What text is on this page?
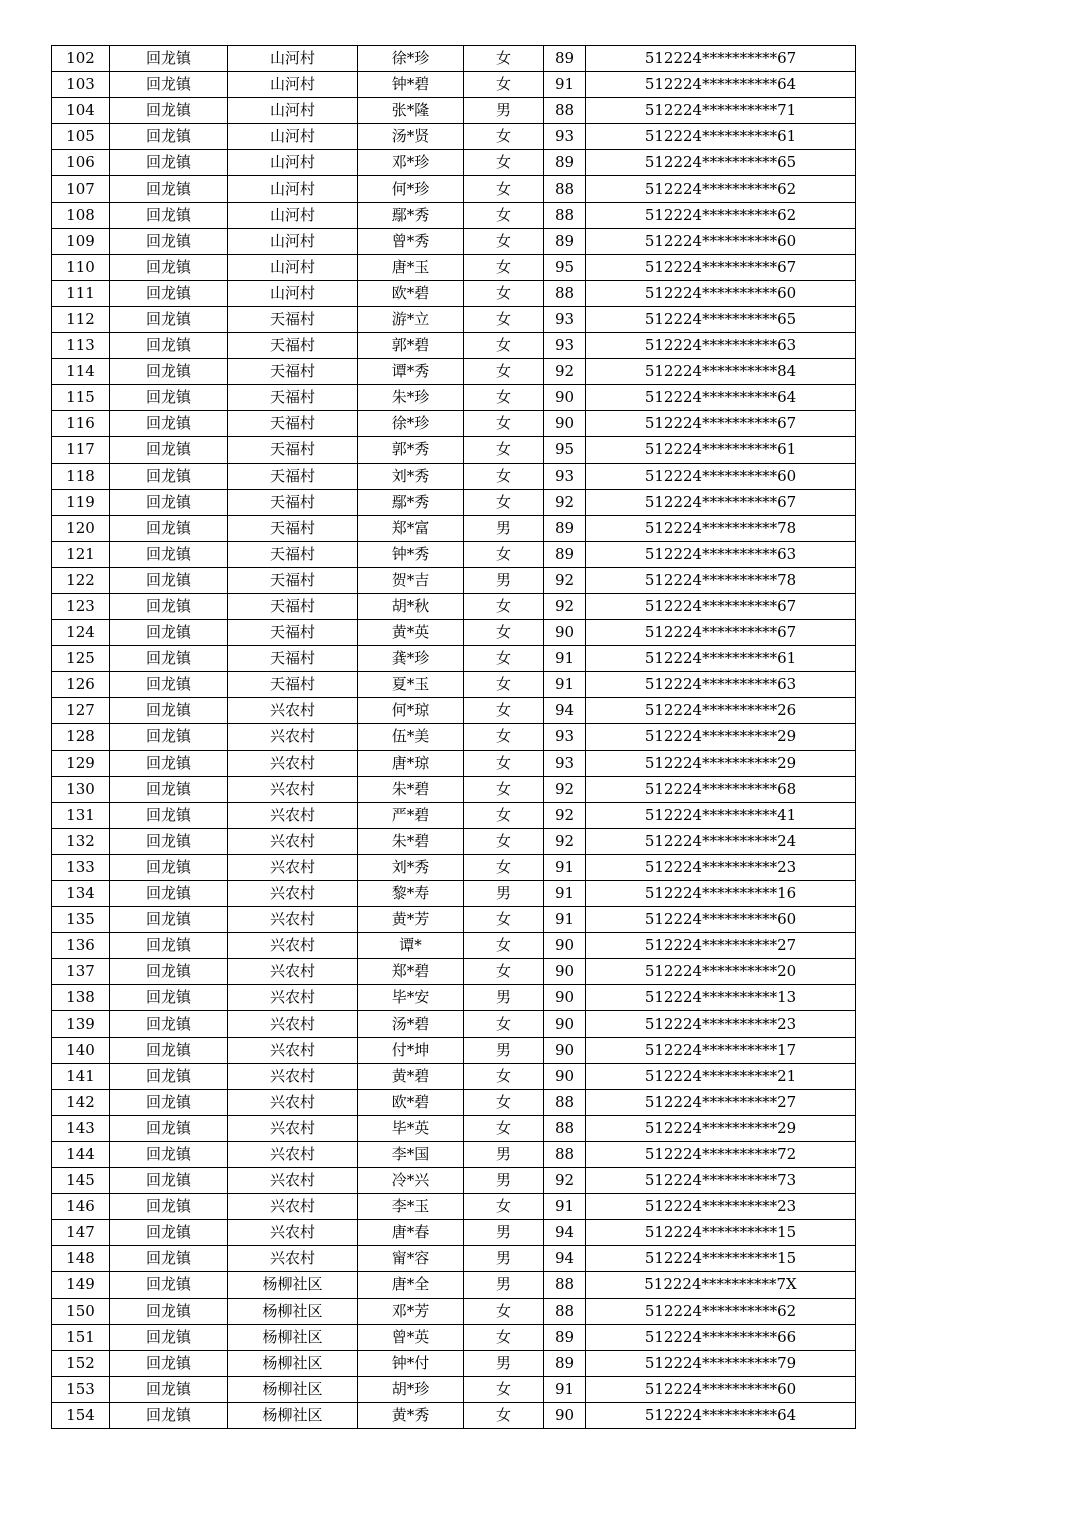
102	回龙镇	山河村	徐*珍	女	89	512224**********67
103	回龙镇	山河村	钟*碧	女	91	512224**********64
104	回龙镇	山河村	张*隆	男	88	512224**********71
105	回龙镇	山河村	汤*贤	女	93	512224**********61
106	回龙镇	山河村	邓*珍	女	89	512224**********65
107	回龙镇	山河村	何*珍	女	88	512224**********62
108	回龙镇	山河村	鄢*秀	女	88	512224**********62
109	回龙镇	山河村	曾*秀	女	89	512224**********60
110	回龙镇	山河村	唐*玉	女	95	512224**********67
111	回龙镇	山河村	欧*碧	女	88	512224**********60
112	回龙镇	天福村	游*立	女	93	512224**********65
113	回龙镇	天福村	郭*碧	女	93	512224**********63
114	回龙镇	天福村	谭*秀	女	92	512224**********84
115	回龙镇	天福村	朱*珍	女	90	512224**********64
116	回龙镇	天福村	徐*珍	女	90	512224**********67
117	回龙镇	天福村	郭*秀	女	95	512224**********61
118	回龙镇	天福村	刘*秀	女	93	512224**********60
119	回龙镇	天福村	鄢*秀	女	92	512224**********67
120	回龙镇	天福村	郑*富	男	89	512224**********78
121	回龙镇	天福村	钟*秀	女	89	512224**********63
122	回龙镇	天福村	贺*吉	男	92	512224**********78
123	回龙镇	天福村	胡*秋	女	92	512224**********67
124	回龙镇	天福村	黄*英	女	90	512224**********67
125	回龙镇	天福村	龚*珍	女	91	512224**********61
126	回龙镇	天福村	夏*玉	女	91	512224**********63
127	回龙镇	兴农村	何*琼	女	94	512224**********26
128	回龙镇	兴农村	伍*美	女	93	512224**********29
129	回龙镇	兴农村	唐*琼	女	93	512224**********29
130	回龙镇	兴农村	朱*碧	女	92	512224**********68
131	回龙镇	兴农村	严*碧	女	92	512224**********41
132	回龙镇	兴农村	朱*碧	女	92	512224**********24
133	回龙镇	兴农村	刘*秀	女	91	512224**********23
134	回龙镇	兴农村	黎*寿	男	91	512224**********16
135	回龙镇	兴农村	黄*芳	女	91	512224**********60
136	回龙镇	兴农村	谭*	女	90	512224**********27
137	回龙镇	兴农村	郑*碧	女	90	512224**********20
138	回龙镇	兴农村	毕*安	男	90	512224**********13
139	回龙镇	兴农村	汤*碧	女	90	512224**********23
140	回龙镇	兴农村	付*坤	男	90	512224**********17
141	回龙镇	兴农村	黄*碧	女	90	512224**********21
142	回龙镇	兴农村	欧*碧	女	88	512224**********27
143	回龙镇	兴农村	毕*英	女	88	512224**********29
144	回龙镇	兴农村	李*国	男	88	512224**********72
145	回龙镇	兴农村	冷*兴	男	92	512224**********73
146	回龙镇	兴农村	李*玉	女	91	512224**********23
147	回龙镇	兴农村	唐*春	男	94	512224**********15
148	回龙镇	兴农村	甯*容	男	94	512224**********15
149	回龙镇	杨柳社区	唐*全	男	88	512224**********7X
150	回龙镇	杨柳社区	邓*芳	女	88	512224**********62
151	回龙镇	杨柳社区	曾*英	女	89	512224**********66
152	回龙镇	杨柳社区	钟*付	男	89	512224**********79
153	回龙镇	杨柳社区	胡*珍	女	91	512224**********60
154	回龙镇	杨柳社区	黄*秀	女	90	512224**********64
